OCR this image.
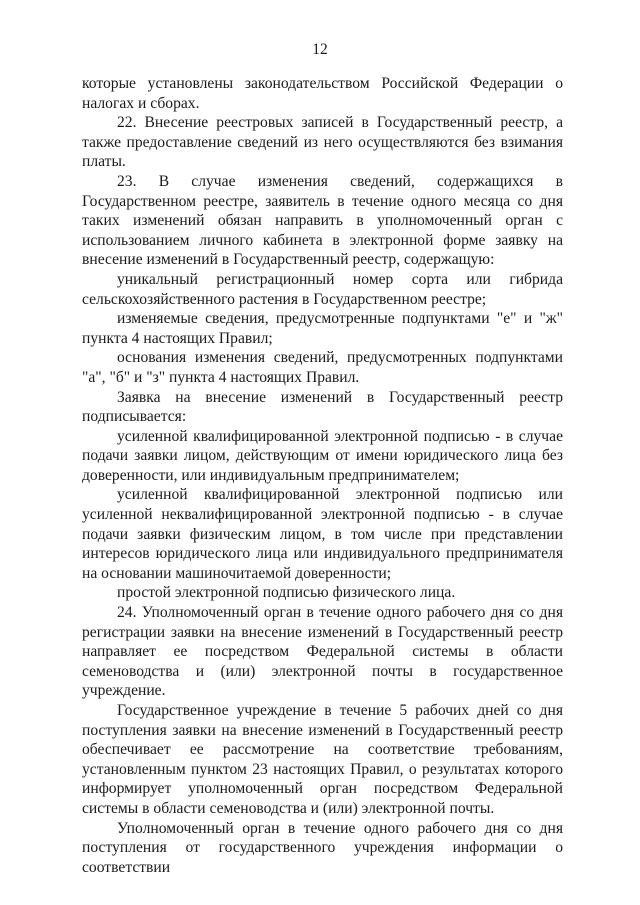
12

которые установлены законодательством Российской Федерации о налогах и сборах.

22. Внесение реестровых записей в Государственный реестр, а также предоставление сведений из него осуществляются без взимания платы.

23. В случае изменения сведений, содержащихся в Государственном реестре, заявитель в течение одного месяца со дня таких изменений обязан направить в уполномоченный орган с использованием личного кабинета в электронной форме заявку на внесение изменений в Государственный реестр, содержащую:

уникальный регистрационный номер сорта или гибрида сельскохозяйственного растения в Государственном реестре;

изменяемые сведения, предусмотренные подпунктами "е" и "ж" пункта 4 настоящих Правил;

основания изменения сведений, предусмотренных подпунктами "а", "б" и "з" пункта 4 настоящих Правил.

Заявка на внесение изменений в Государственный реестр подписывается:

усиленной квалифицированной электронной подписью - в случае подачи заявки лицом, действующим от имени юридического лица без доверенности, или индивидуальным предпринимателем;

усиленной квалифицированной электронной подписью или усиленной неквалифицированной электронной подписью - в случае подачи заявки физическим лицом, в том числе при представлении интересов юридического лица или индивидуального предпринимателя на основании машиночитаемой доверенности;

простой электронной подписью физического лица.

24. Уполномоченный орган в течение одного рабочего дня со дня регистрации заявки на внесение изменений в Государственный реестр направляет ее посредством Федеральной системы в области семеноводства и (или) электронной почты в государственное учреждение.

Государственное учреждение в течение 5 рабочих дней со дня поступления заявки на внесение изменений в Государственный реестр обеспечивает ее рассмотрение на соответствие требованиям, установленным пунктом 23 настоящих Правил, о результатах которого информирует уполномоченный орган посредством Федеральной системы в области семеноводства и (или) электронной почты.

Уполномоченный орган в течение одного рабочего дня со дня поступления от государственного учреждения информации о соответствии
